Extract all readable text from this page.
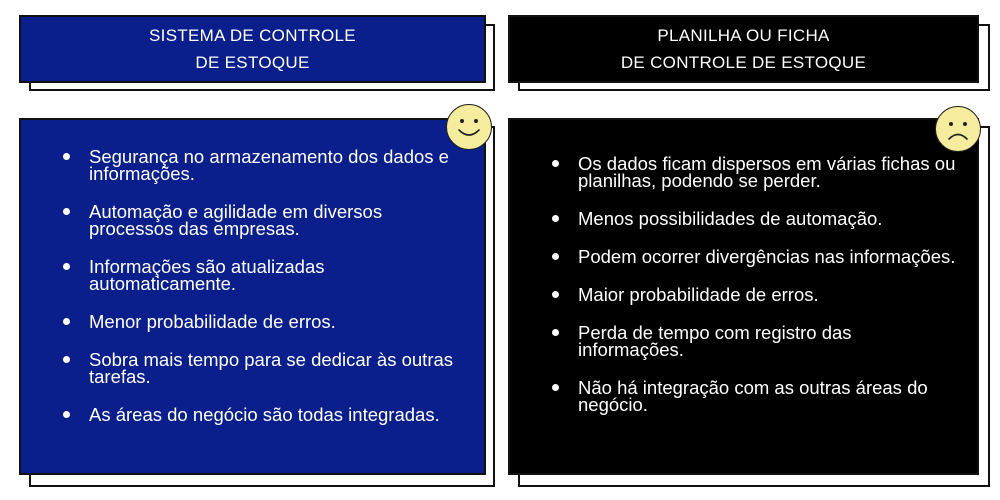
SISTEMA DE CONTROLE
DE ESTOQUE

PLANILHA OU FICHA
DE CONTROLE DE ESTOQUE

Segurança no armazenamento dos dados e informações.
Automação e agilidade em diversos processos das empresas.
Informações são atualizadas automaticamente.
Menor probabilidade de erros.
Sobra mais tempo para se dedicar às outras tarefas.
As áreas do negócio são todas integradas.
Os dados ficam dispersos em várias fichas ou planilhas, podendo se perder.
Menos possibilidades de automação.
Podem ocorrer divergências nas informações.
Maior probabilidade de erros.
Perda de tempo com registro das informações.
Não há integração com as outras áreas do negócio.
